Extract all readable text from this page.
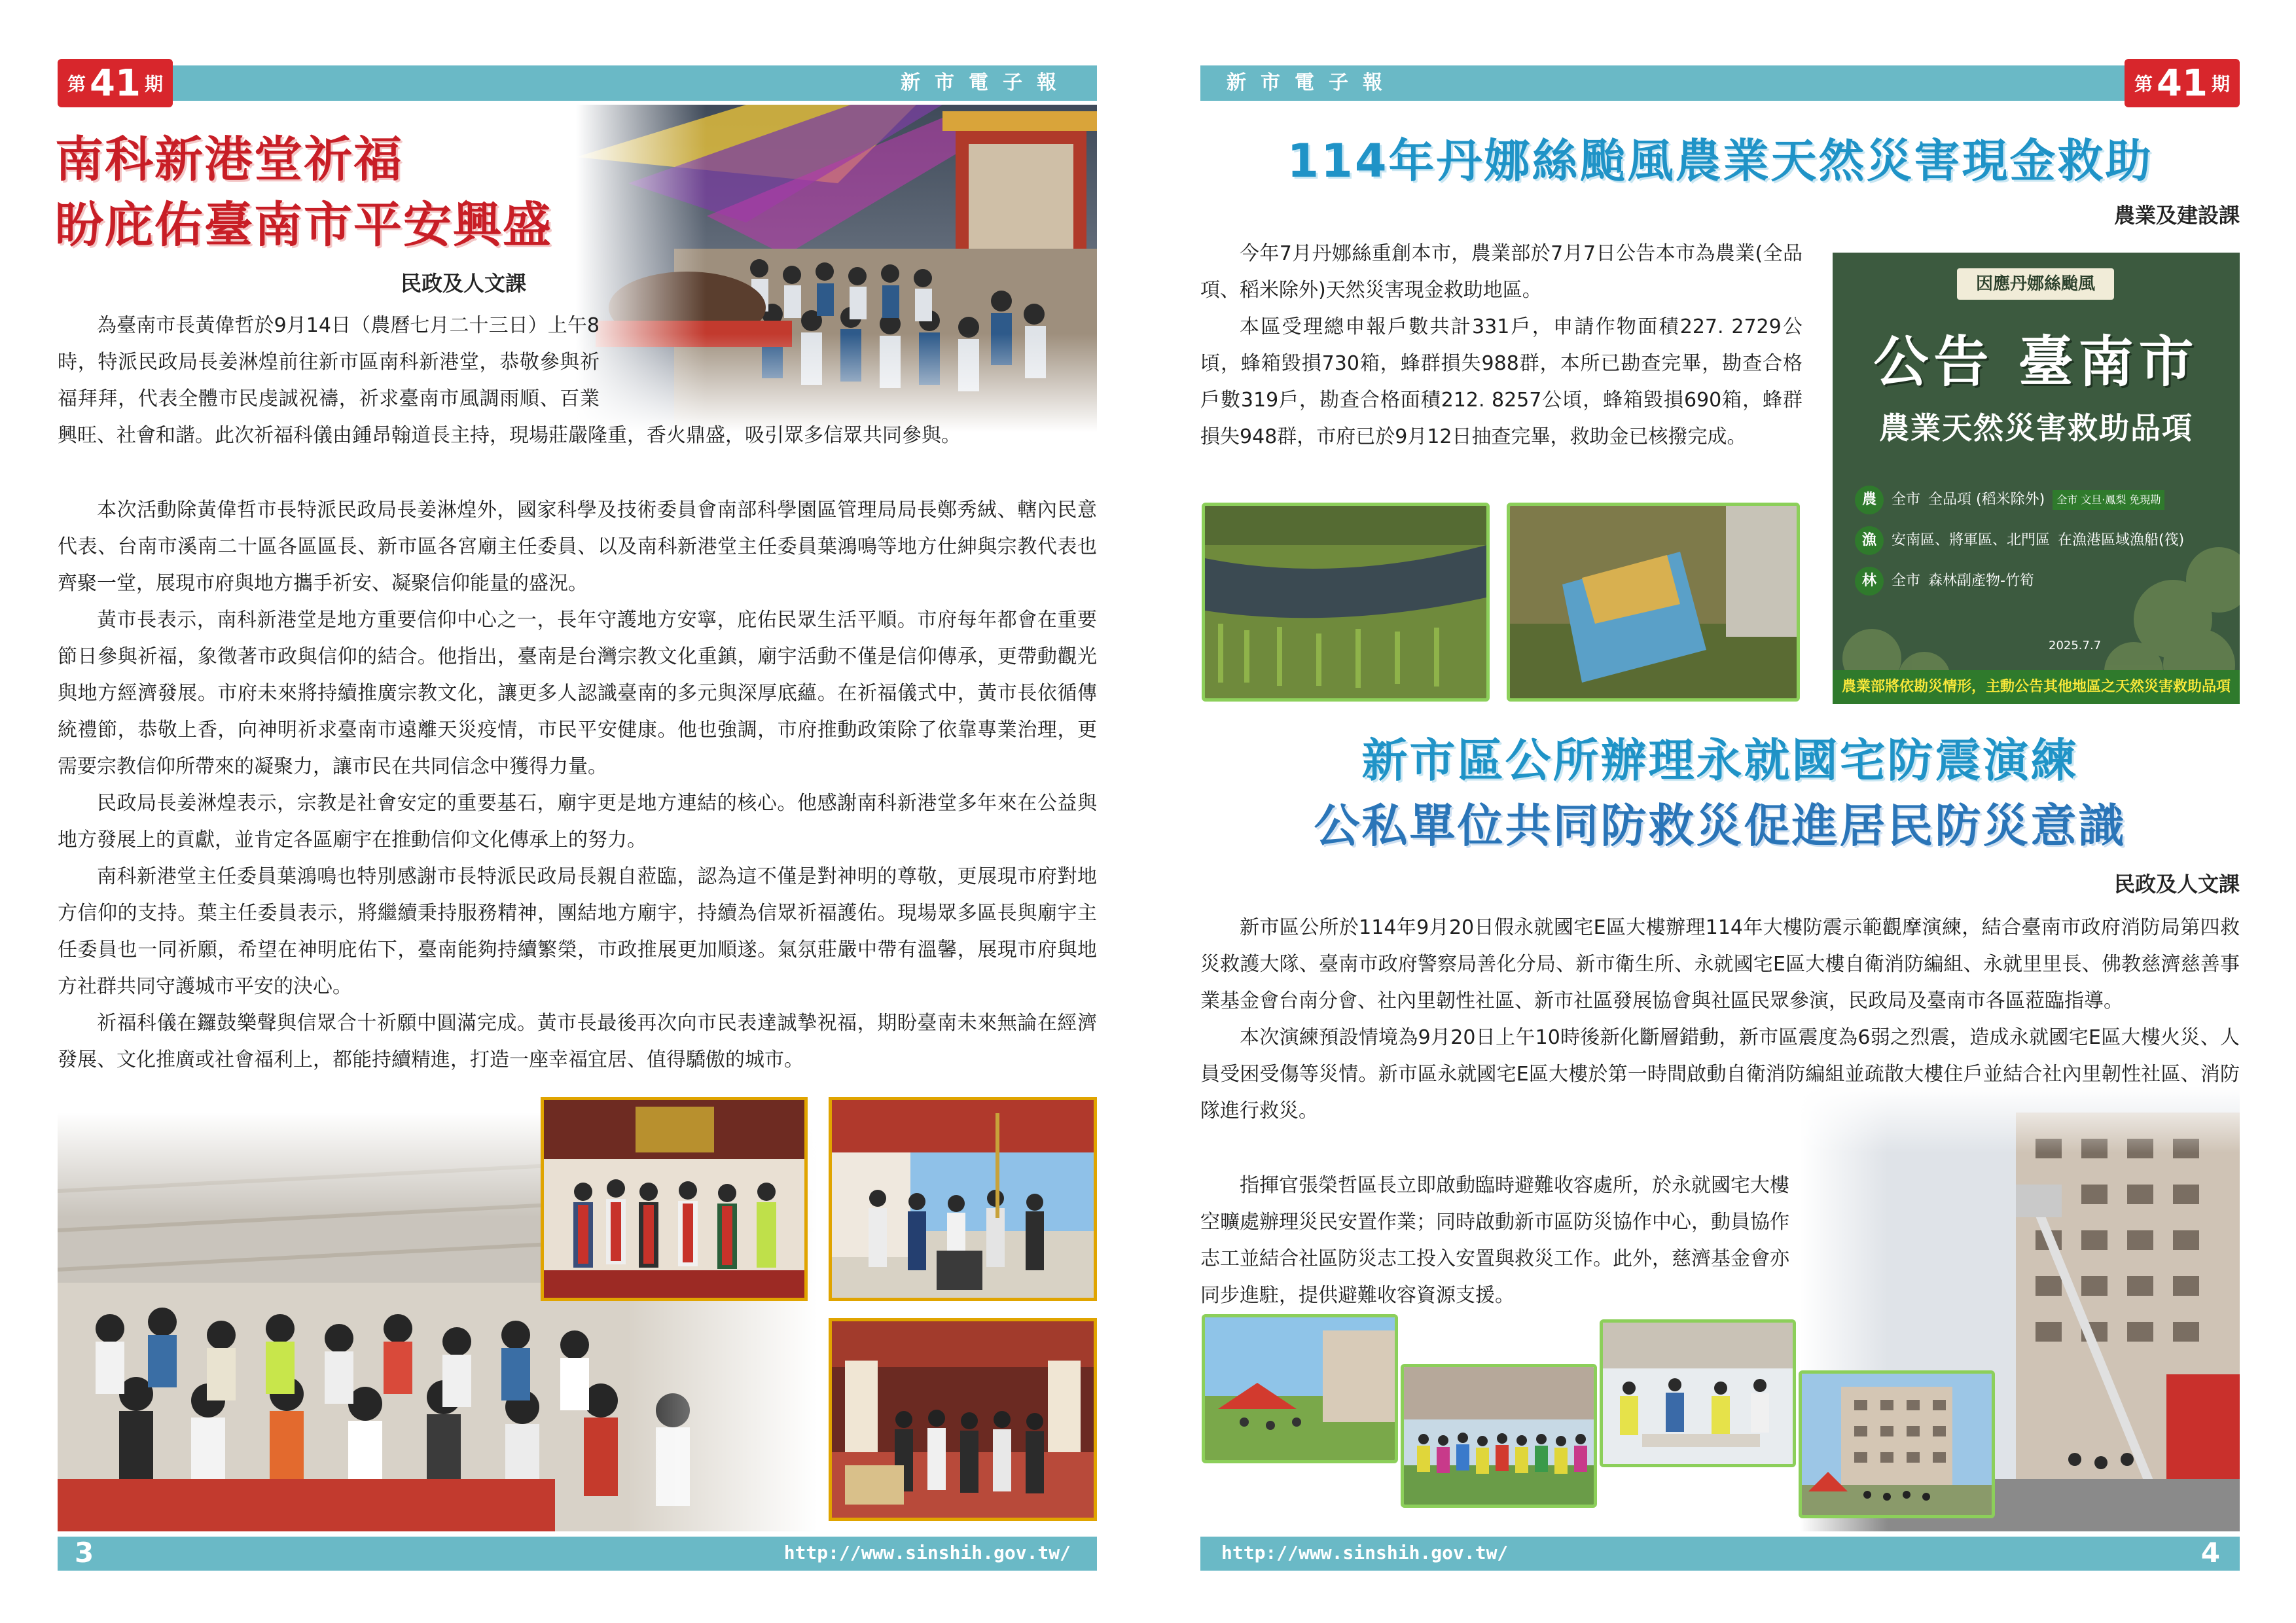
新市電子報
第 41 期
南科新港堂祈福
盼庇佑臺南市平安興盛
民政及人文課

為臺南市長黃偉哲於9月14日（農曆七月二十三日）上午8時，特派民政局長姜淋煌前往新市區南科新港堂，恭敬參與祈福拜拜，代表全體市民虔誠祝禱，祈求臺南市風調雨順、百業興旺、社會和諧。此次祈福科儀由鍾昂翰道長主持，現場莊嚴隆重，香火鼎盛，吸引眾多信眾共同參與。

本次活動除黃偉哲市長特派民政局長姜淋煌外，國家科學及技術委員會南部科學園區管理局局長鄭秀絨、轄內民意代表、台南市溪南二十區各區區長、新市區各宮廟主任委員、以及南科新港堂主任委員葉鴻鳴等地方仕紳與宗教代表也齊聚一堂，展現市府與地方攜手祈安、凝聚信仰能量的盛況。

黃市長表示，南科新港堂是地方重要信仰中心之一，長年守護地方安寧，庇佑民眾生活平順。市府每年都會在重要節日參與祈福，象徵著市政與信仰的結合。他指出，臺南是台灣宗教文化重鎮，廟宇活動不僅是信仰傳承，更帶動觀光與地方經濟發展。市府未來將持續推廣宗教文化，讓更多人認識臺南的多元與深厚底蘊。在祈福儀式中，黃市長依循傳統禮節，恭敬上香，向神明祈求臺南市遠離天災疫情，市民平安健康。他也強調，市府推動政策除了依靠專業治理，更需要宗教信仰所帶來的凝聚力，讓市民在共同信念中獲得力量。

民政局長姜淋煌表示，宗教是社會安定的重要基石，廟宇更是地方連結的核心。他感謝南科新港堂多年來在公益與地方發展上的貢獻，並肯定各區廟宇在推動信仰文化傳承上的努力。

南科新港堂主任委員葉鴻鳴也特別感謝市長特派民政局長親自蒞臨，認為這不僅是對神明的尊敬，更展現市府對地方信仰的支持。葉主任委員表示，將繼續秉持服務精神，團結地方廟宇，持續為信眾祈福護佑。現場眾多區長與廟宇主任委員也一同祈願，希望在神明庇佑下，臺南能夠持續繁榮，市政推展更加順遂。氣氛莊嚴中帶有溫馨，展現市府與地方社群共同守護城市平安的決心。

祈福科儀在鑼鼓樂聲與信眾合十祈願中圓滿完成。黃市長最後再次向市民表達誠摯祝福，期盼臺南未來無論在經濟發展、文化推廣或社會福利上，都能持續精進，打造一座幸福宜居、值得驕傲的城市。

3	http://www.sinshih.gov.tw/
新市電子報	第 41 期
114年丹娜絲颱風農業天然災害現金救助
農業及建設課

今年7月丹娜絲重創本市，農業部於7月7日公告本市為農業(全品項、稻米除外)天然災害現金救助地區。

本區受理總申報戶數共計331戶，申請作物面積227. 2729公頃，蜂箱毀損730箱，蜂群損失988群，本所已勘查完畢，勘查合格戶數319戶，勘查合格面積212. 8257公頃，蜂箱毀損690箱，蜂群損失948群，市府已於9月12日抽查完畢，救助金已核撥完成。

因應丹娜絲颱風
公告 臺南市
農業天然災害救助品項
農	全市 全品項 (稻米除外)	全市 文旦·鳳梨 免現勘
漁	安南區、將軍區、北門區 在漁港區域漁船(筏)
林	全市 森林副產物-竹筍
2025.7.7
農業部將依勘災情形，主動公告其他地區之天然災害救助品項
新市區公所辦理永就國宅防震演練
公私單位共同防救災促進居民防災意識
民政及人文課

新市區公所於114年9月20日假永就國宅E區大樓辦理114年大樓防震示範觀摩演練，結合臺南市政府消防局第四救災救護大隊、臺南市政府警察局善化分局、新市衛生所、永就國宅E區大樓自衛消防編組、永就里里長、佛教慈濟慈善事業基金會台南分會、社內里韌性社區、新市社區發展協會與社區民眾參演，民政局及臺南市各區蒞臨指導。

本次演練預設情境為9月20日上午10時後新化斷層錯動，新市區震度為6弱之烈震，造成永就國宅E區大樓火災、人員受困受傷等災情。新市區永就國宅E區大樓於第一時間啟動自衛消防編組並疏散大樓住戶並結合社內里韌性社區、消防隊進行救災。

指揮官張榮哲區長立即啟動臨時避難收容處所，於永就國宅大樓空曠處辦理災民安置作業；同時啟動新市區防災協作中心，動員協作志工並結合社區防災志工投入安置與救災工作。此外，慈濟基金會亦同步進駐，提供避難收容資源支援。

http://www.sinshih.gov.tw/	4
